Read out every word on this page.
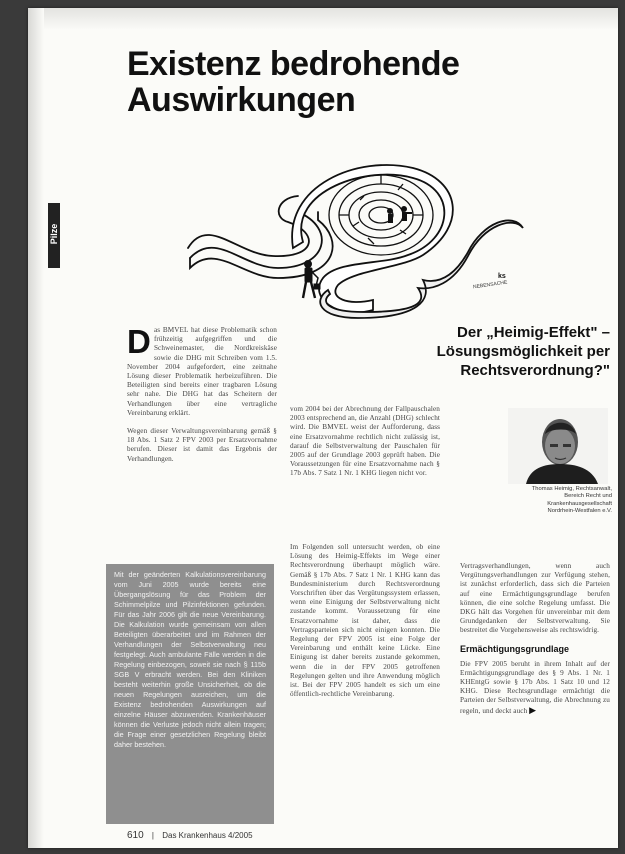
Existenz bedrohende
Auswirkungen
Pilze
ks
NEBENSACHE

Das BMVEL hat diese Problematik schon frühzeitig aufgegriffen und die Schweinemaster, die Nordkreiskäse sowie die DHG mit Schreiben vom 1.5. November 2004 aufgefordert, eine zeitnahe Lösung dieser Problematik herbeizuführen. Die Beteiligten sind bereits einer tragbaren Lösung sehr nahe. Die DHG hat das Scheitern der Verhandlungen über eine vertragliche Vereinbarung erklärt.

Wegen dieser Verwaltungsvereinbarung gemäß § 18 Abs. 1 Satz 2 FPV 2003 per Ersatzvornahme berufen. Dieser ist damit das Ergebnis der Verhandlungen.

Mit der geänderten Kalkulationsvereinbarung vom Juni 2005 wurde bereits eine Übergangslösung für das Problem der Schimmelpilze und Pilzinfektionen gefunden. Für das Jahr 2006 gilt die neue Vereinbarung. Die Kalkulation wurde gemeinsam von allen Beteiligten überarbeitet und im Rahmen der Verhandlungen der Selbstverwaltung neu festgelegt. Auch ambulante Fälle werden in die Regelung einbezogen, soweit sie nach § 115b SGB V erbracht werden. Bei den Kliniken besteht weiterhin große Unsicherheit, ob die neuen Regelungen ausreichen, um die Existenz bedrohenden Auswirkungen auf einzelne Häuser abzuwenden. Krankenhäuser können die Verluste jedoch nicht allein tragen; die Frage einer gesetzlichen Regelung bleibt daher bestehen.

Der „Heimig-Effekt" –
Lösungsmöglichkeit per
Rechtsverordnung?"

vom 2004 bei der Abrechnung der Fallpauschalen 2003 entsprechend an, die Anzahl (DHG) schlecht wird. Die BMVEL weist der Aufforderung, dass eine Ersatzvornahme rechtlich nicht zulässig ist, darauf die Selbstverwaltung der Pauschalen für 2005 auf der Grundlage 2003 geprüft haben. Die Voraussetzungen für eine Ersatzvornahme nach § 17b Abs. 7 Satz 1 Nr. 1 KHG liegen nicht vor.

Thomas Heimig, Rechtsanwalt,
Bereich Recht und
Krankenhausgesellschaft
Nordrhein-Westfalen e.V.

Im Folgenden soll untersucht werden, ob eine Lösung des Heimig-Effekts im Wege einer Rechtsverordnung überhaupt möglich wäre. Gemäß § 17b Abs. 7 Satz 1 Nr. 1 KHG kann das Bundesministerium durch Rechtsverordnung Vorschriften über das Vergütungssystem erlassen, wenn eine Einigung der Selbstverwaltung nicht zustande kommt. Voraussetzung für eine Ersatzvornahme ist daher, dass die Vertragsparteien sich nicht einigen konnten. Die Regelung der FPV 2005 ist eine Folge der Vereinbarung und enthält keine Lücke. Eine Einigung ist daher bereits zustande gekommen, wenn die in der FPV 2005 getroffenen Regelungen gelten und ihre Anwendung möglich ist. Bei der FPV 2005 handelt es sich um eine öffentlich-rechtliche Vereinbarung.

Vertragsverhandlungen, wenn auch Vergütungsverhandlungen zur Verfügung stehen, ist zunächst erforderlich, dass sich die Parteien auf eine Ermächtigungsgrundlage berufen können, die eine solche Regelung umfasst. Die DKG hält das Vorgehen für unvereinbar mit dem Grundgedanken der Selbstverwaltung. Sie bestreitet die Vorgehensweise als rechtswidrig.

Ermächtigungsgrundlage

Die FPV 2005 beruht in ihrem Inhalt auf der Ermächtigungsgrundlage des § 9 Abs. 1 Nr. 1 KHEntgG sowie § 17b Abs. 1 Satz 10 und 12 KHG. Diese Rechtsgrundlage ermächtigt die Parteien der Selbstverwaltung, die Abrechnung zu regeln, und deckt auch ▶

610 | Das Krankenhaus 4/2005
